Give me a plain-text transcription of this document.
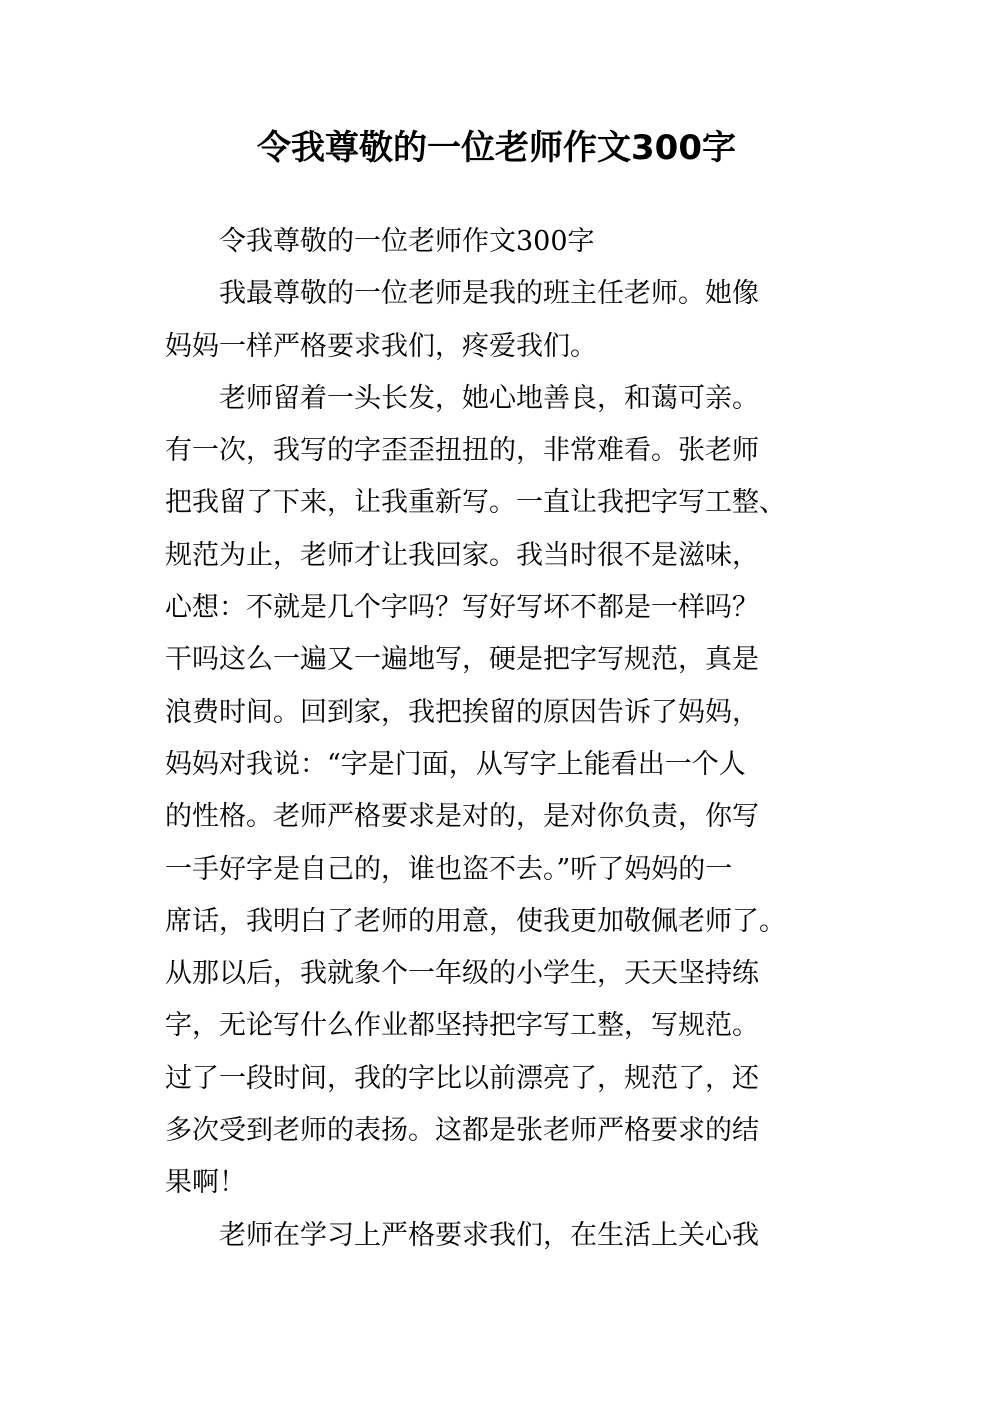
令我尊敬的一位老师作文300字

令我尊敬的一位老师作文300字

我最尊敬的一位老师是我的班主任老师。她像
妈妈一样严格要求我们，疼爱我们。

老师留着一头长发，她心地善良，和蔼可亲。
有一次，我写的字歪歪扭扭的，非常难看。张老师
把我留了下来，让我重新写。一直让我把字写工整、
规范为止，老师才让我回家。我当时很不是滋味，
心想：不就是几个字吗？写好写坏不都是一样吗？
干吗这么一遍又一遍地写，硬是把字写规范，真是
浪费时间。回到家，我把挨留的原因告诉了妈妈，
妈妈对我说：“字是门面，从写字上能看出一个人
的性格。老师严格要求是对的，是对你负责，你写
一手好字是自己的，谁也盗不去。”听了妈妈的一
席话，我明白了老师的用意，使我更加敬佩老师了。
从那以后，我就象个一年级的小学生，天天坚持练
字，无论写什么作业都坚持把字写工整，写规范。
过了一段时间，我的字比以前漂亮了，规范了，还
多次受到老师的表扬。这都是张老师严格要求的结
果啊！

老师在学习上严格要求我们，在生活上关心我
